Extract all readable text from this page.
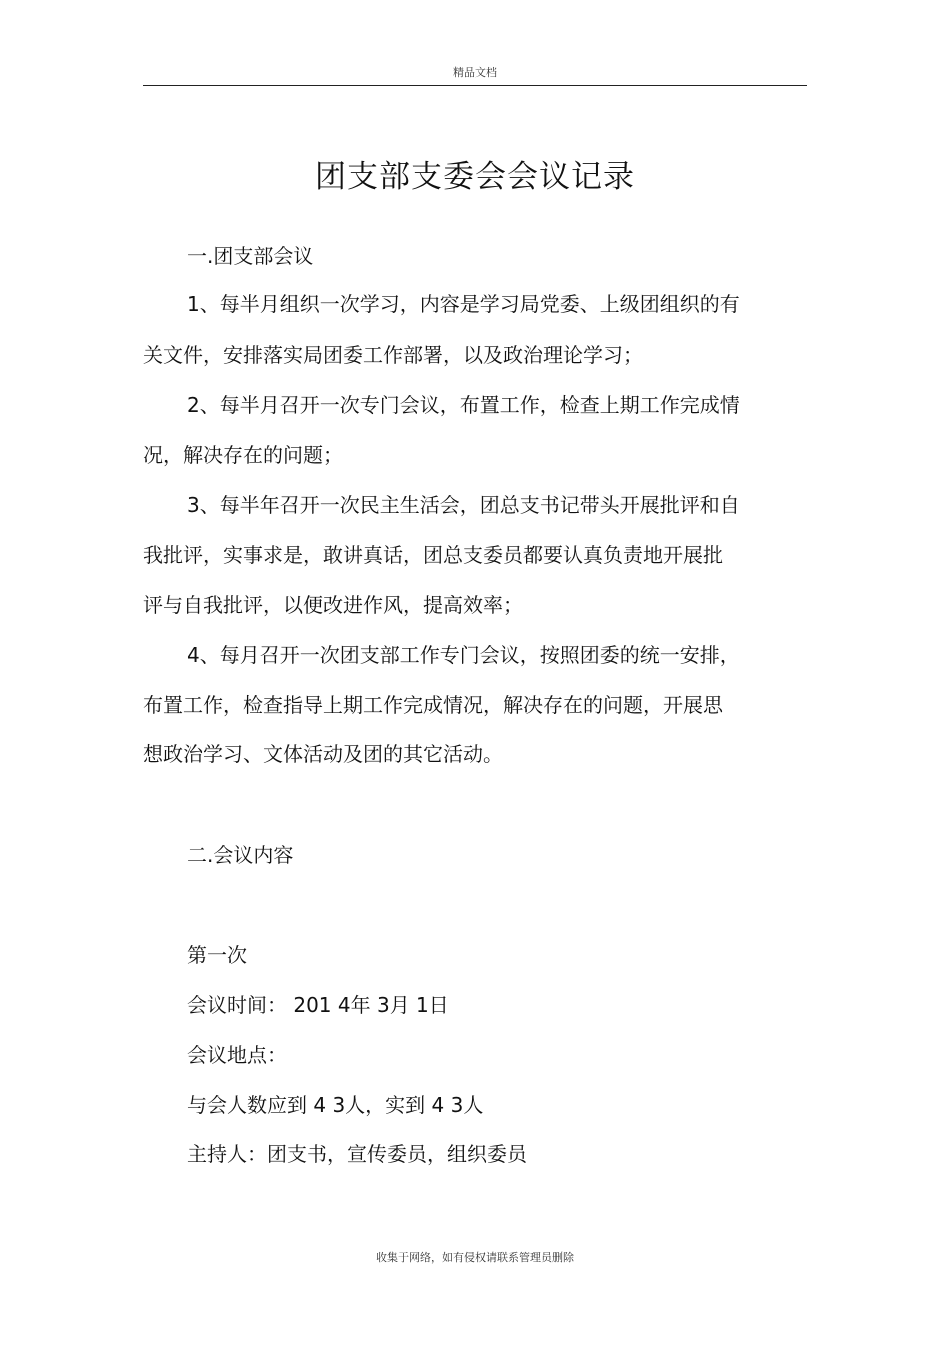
精品文档
团支部支委会会议记录
一.团支部会议
1、每半月组织一次学习，内容是学习局党委、上级团组织的有
关文件，安排落实局团委工作部署，以及政治理论学习；
2、每半月召开一次专门会议，布置工作，检查上期工作完成情
况，解决存在的问题；
3、每半年召开一次民主生活会，团总支书记带头开展批评和自
我批评，实事求是，敢讲真话，团总支委员都要认真负责地开展批
评与自我批评，以便改进作风，提高效率；
4、每月召开一次团支部工作专门会议，按照团委的统一安排，
布置工作，检查指导上期工作完成情况，解决存在的问题，开展思
想政治学习、文体活动及团的其它活动。
二.会议内容
第一次
会议时间： 201 4年 3月 1日
会议地点：
与会人数应到 4 3人，实到 4 3人
主持人：团支书，宣传委员，组织委员
收集于网络，如有侵权请联系管理员删除
